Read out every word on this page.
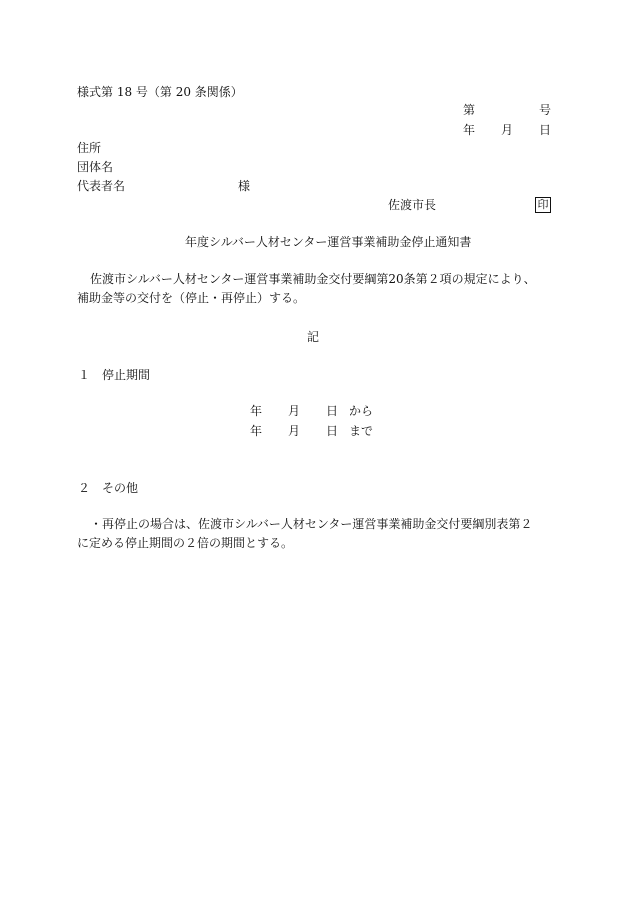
様式第 18 号（第 20 条関係）
第	号
年 月 日
住所
団体名
代表者名	様
佐渡市長	印
年度シルバー人材センター運営事業補助金停止通知書
佐渡市シルバー人材センター運営事業補助金交付要綱第20条第２項の規定により、
補助金等の交付を（停止・再停止）する。
記
１　停止期間
年 月 日 から
年 月 日 まで
２　その他
・再停止の場合は、佐渡市シルバー人材センター運営事業補助金交付要綱別表第２
に定める停止期間の２倍の期間とする。
